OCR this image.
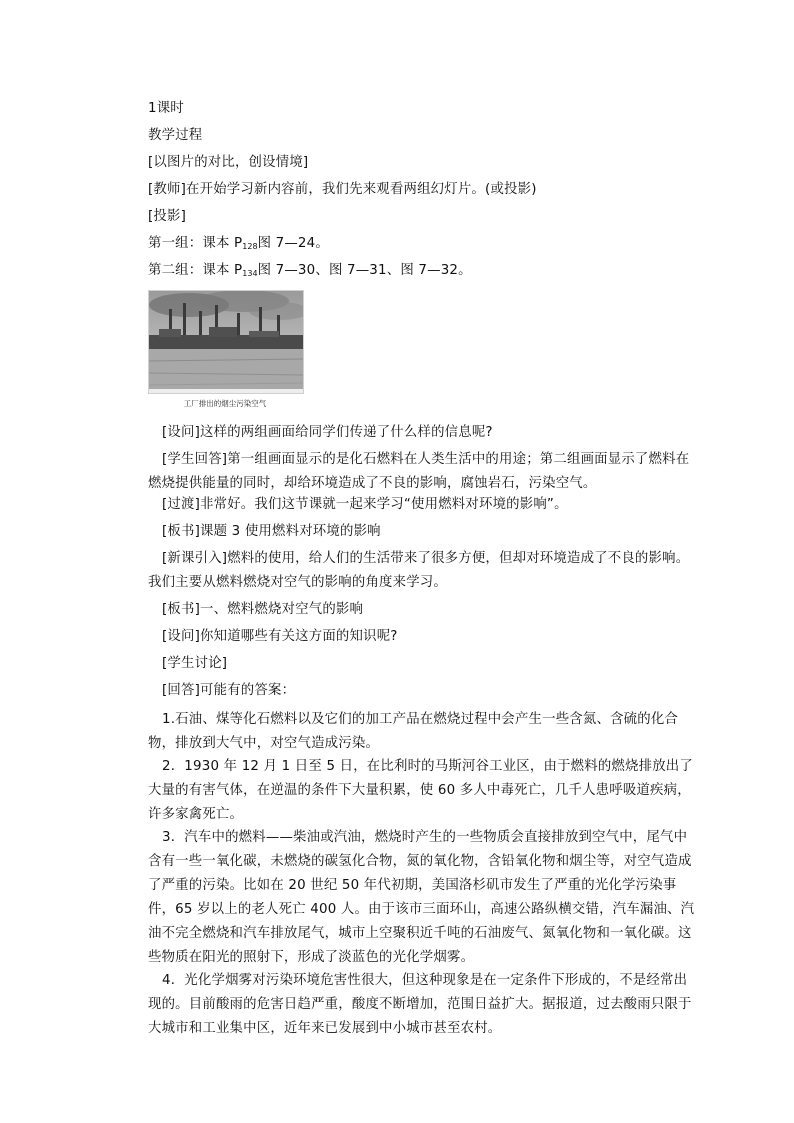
1课时
教学过程
[以图片的对比，创设情境]
[教师]在开始学习新内容前，我们先来观看两组幻灯片。(或投影)
[投影]
第一组：课本 $P_{128}$图 7—24。
第二组：课本 $P_{134}$图 7—30、图 7—31、图 7—32。
工厂排出的烟尘污染空气
[设问]这样的两组画面给同学们传递了什么样的信息呢?
[学生回答]第一组画面显示的是化石燃料在人类生活中的用途；第二组画面显示了燃料在燃烧提供能量的同时，却给环境造成了不良的影响，腐蚀岩石，污染空气。
[过渡]非常好。我们这节课就一起来学习“使用燃料对环境的影响”。
[板书]课题 3 使用燃料对环境的影响
[新课引入]燃料的使用，给人们的生活带来了很多方便，但却对环境造成了不良的影响。我们主要从燃料燃烧对空气的影响的角度来学习。
[板书]一、燃料燃烧对空气的影响
[设问]你知道哪些有关这方面的知识呢?
[学生讨论]
[回答]可能有的答案：
1.石油、煤等化石燃料以及它们的加工产品在燃烧过程中会产生一些含氮、含硫的化合物，排放到大气中，对空气造成污染。
2．1930 年 12 月 1 日至 5 日，在比利时的马斯河谷工业区，由于燃料的燃烧排放出了大量的有害气体，在逆温的条件下大量积累，使 60 多人中毒死亡，几千人患呼吸道疾病，许多家禽死亡。
3．汽车中的燃料——柴油或汽油，燃烧时产生的一些物质会直接排放到空气中，尾气中含有一些一氧化碳，未燃烧的碳氢化合物，氮的氧化物，含铅氧化物和烟尘等，对空气造成了严重的污染。比如在 20 世纪 50 年代初期，美国洛杉矶市发生了严重的光化学污染事件，65 岁以上的老人死亡 400 人。由于该市三面环山，高速公路纵横交错，汽车漏油、汽油不完全燃烧和汽车排放尾气，城市上空聚积近千吨的石油废气、氮氧化物和一氧化碳。这些物质在阳光的照射下，形成了淡蓝色的光化学烟雾。
4．光化学烟雾对污染环境危害性很大，但这种现象是在一定条件下形成的，不是经常出现的。目前酸雨的危害日趋严重，酸度不断增加，范围日益扩大。据报道，过去酸雨只限于大城市和工业集中区，近年来已发展到中小城市甚至农村。
